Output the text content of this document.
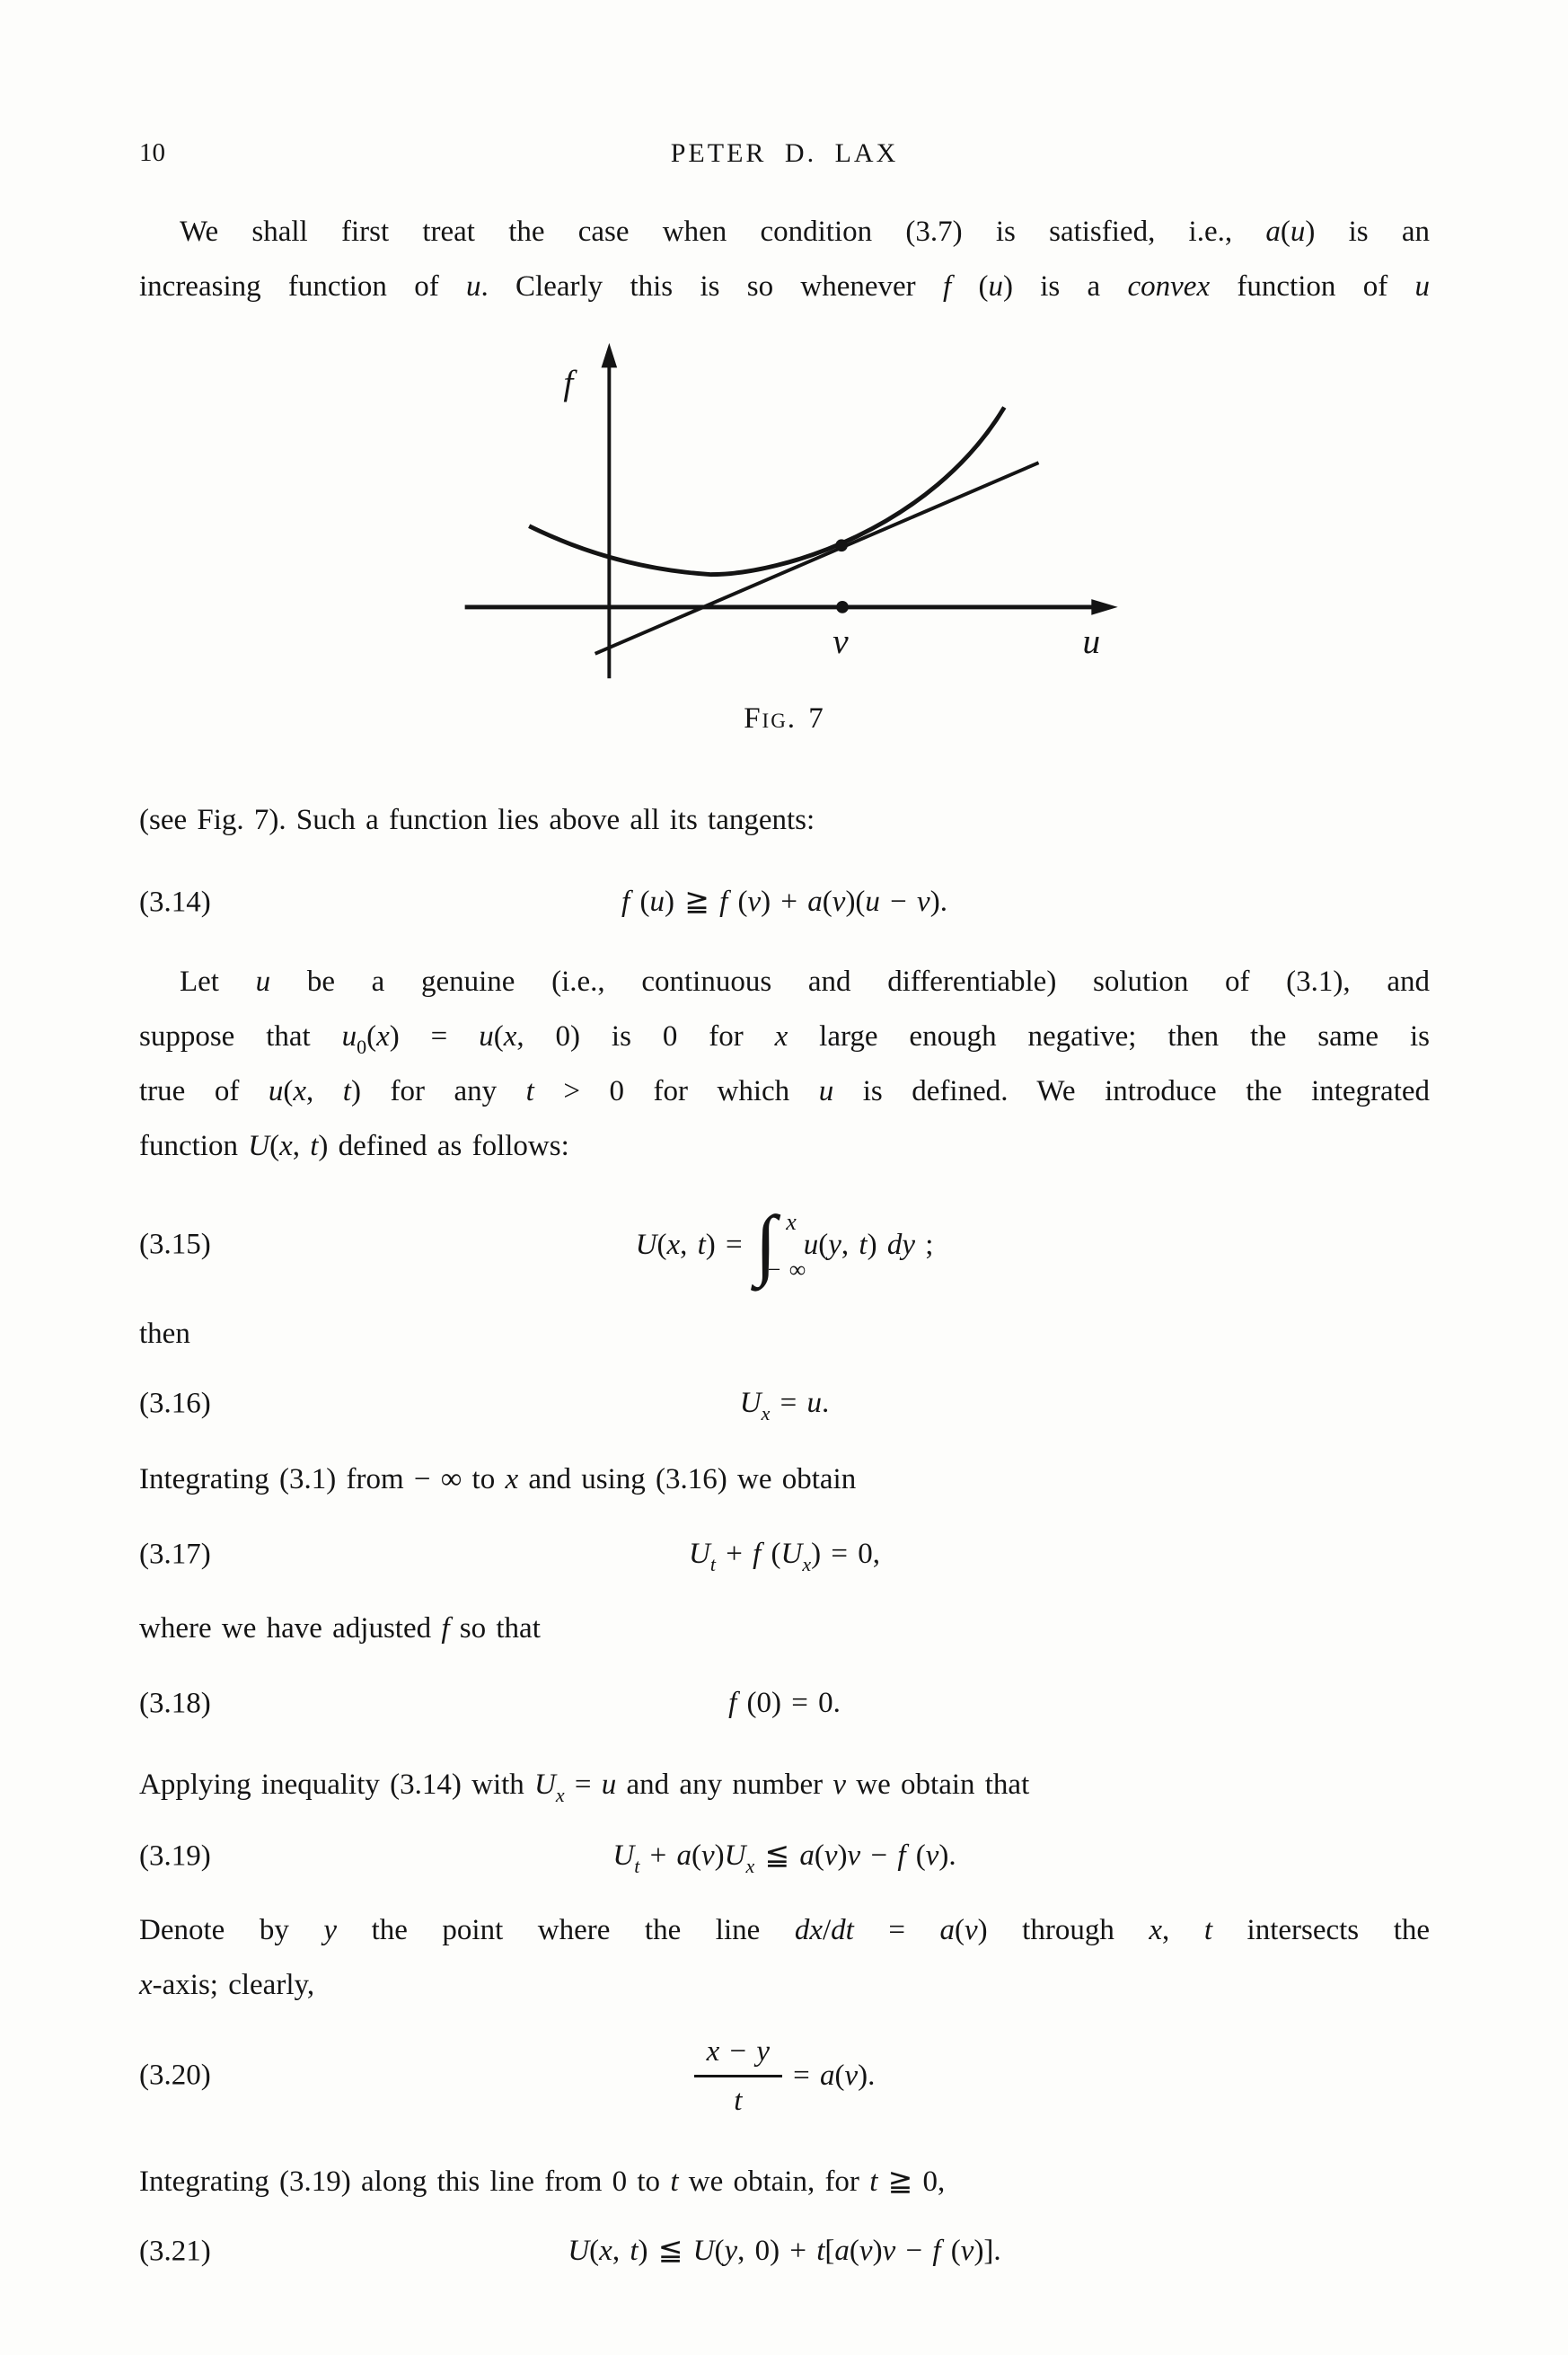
10	PETER D. LAX
We shall first treat the case when condition (3.7) is satisfied, i.e., a(u) is an
increasing function of u. Clearly this is so whenever f (u) is a convex function of u
f
v	u
Fig. 7
(see Fig. 7). Such a function lies above all its tangents:
(3.14)	f (u) ≧ f (v) + a(v)(u − v).
Let u be a genuine (i.e., continuous and differentiable) solution of (3.1), and
suppose that $u_0(x) = u(x$, 0) is 0 for x large enough negative; then the same is
true of u(x, t) for any t > 0 for which u is defined. We introduce the integrated
function U(x, t) defined as follows:
(3.15)	U(x, t) =
x
∫
− ∞
u(y, t) dy ;
then
(3.16)	$U_x = u$.
Integrating (3.1) from − ∞ to x and using (3.16) we obtain
(3.17)	$U_t + f$ $(U_x) = 0$,
where we have adjusted f so that
(3.18)	f (0) = 0.
Applying inequality (3.14) with $U_x = u$ and any number v we obtain that
(3.19)	$U_t + a(v)U_x$ ≦ a(v)v − f (v).
Denote by y the point where the line dx/dt = a(v) through x, t intersects the
x-axis; clearly,
(3.20)	$\frac{x - y}{t} = a(v)$.
Integrating (3.19) along this line from 0 to t we obtain, for t ≧ 0,
(3.21)	U(x, t) ≦ U(y, 0) + t[a(v)v − f (v)].
